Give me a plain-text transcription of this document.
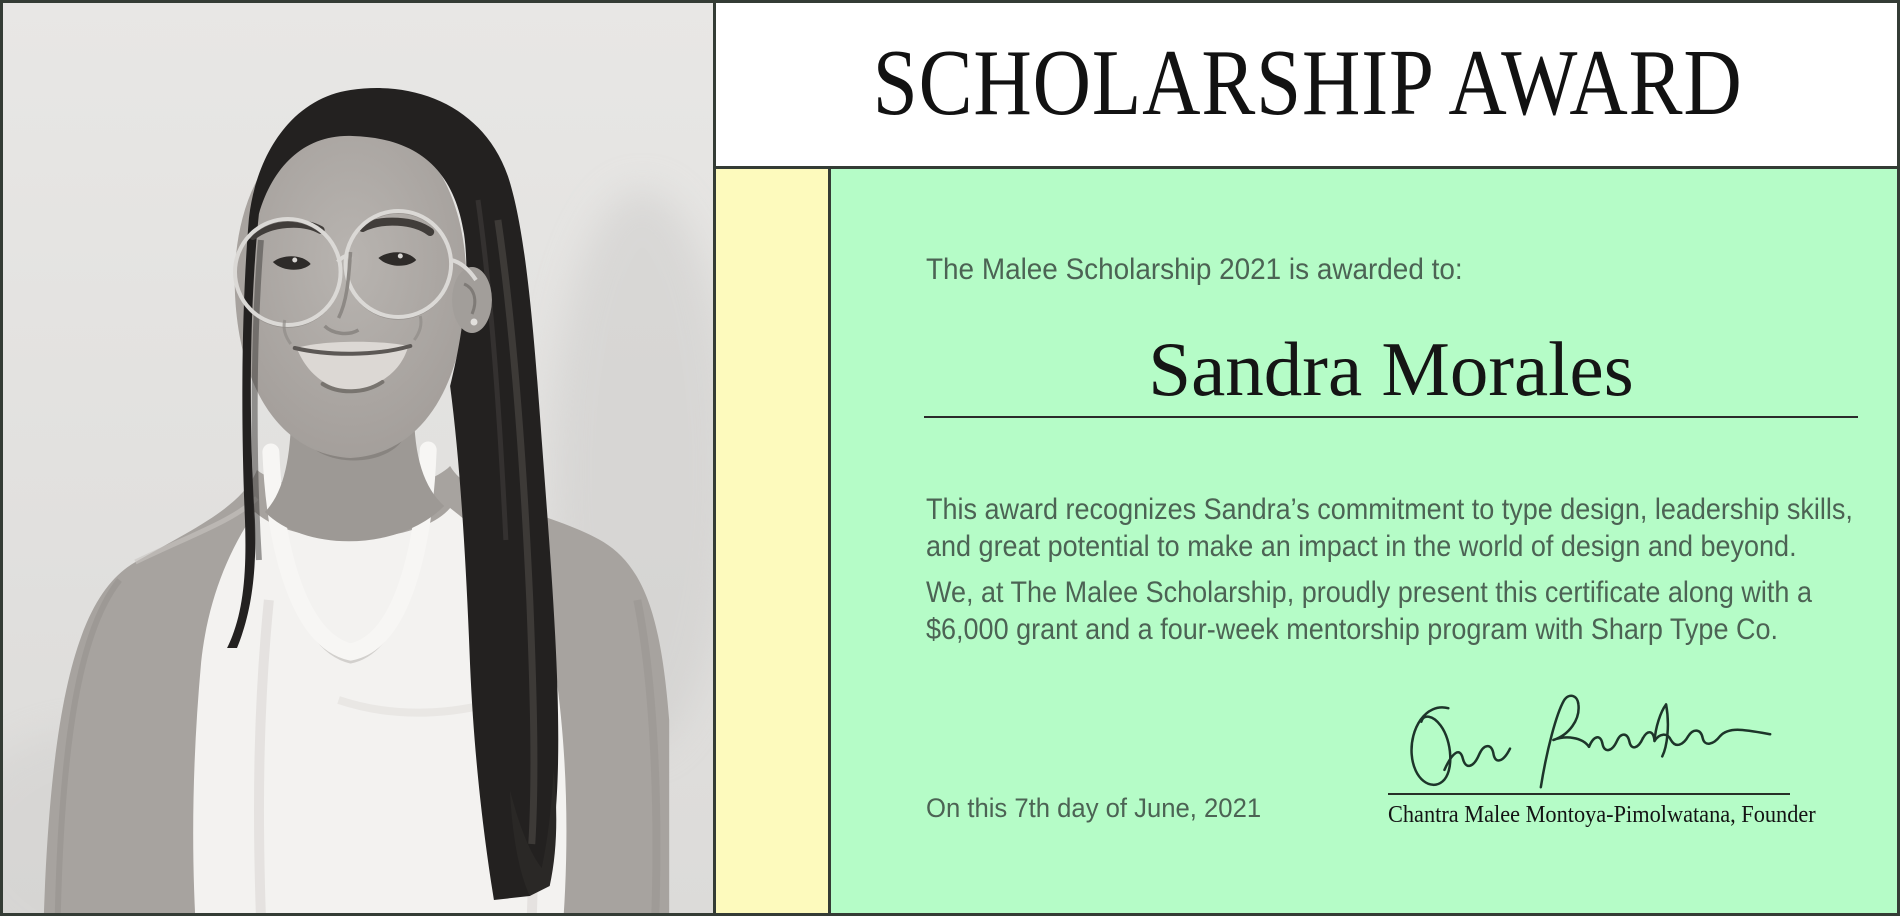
SCHOLARSHIP AWARD
The Malee Scholarship 2021 is awarded to:
Sandra Morales
This award recognizes Sandra’s commitment to type design, leadership skills,
and great potential to make an impact in the world of design and beyond.
We, at The Malee Scholarship, proudly present this certificate along with a
$6,000 grant and a four-week mentorship program with Sharp Type Co.
On this 7th day of June, 2021	Chantra Malee Montoya-Pimolwatana, Founder
